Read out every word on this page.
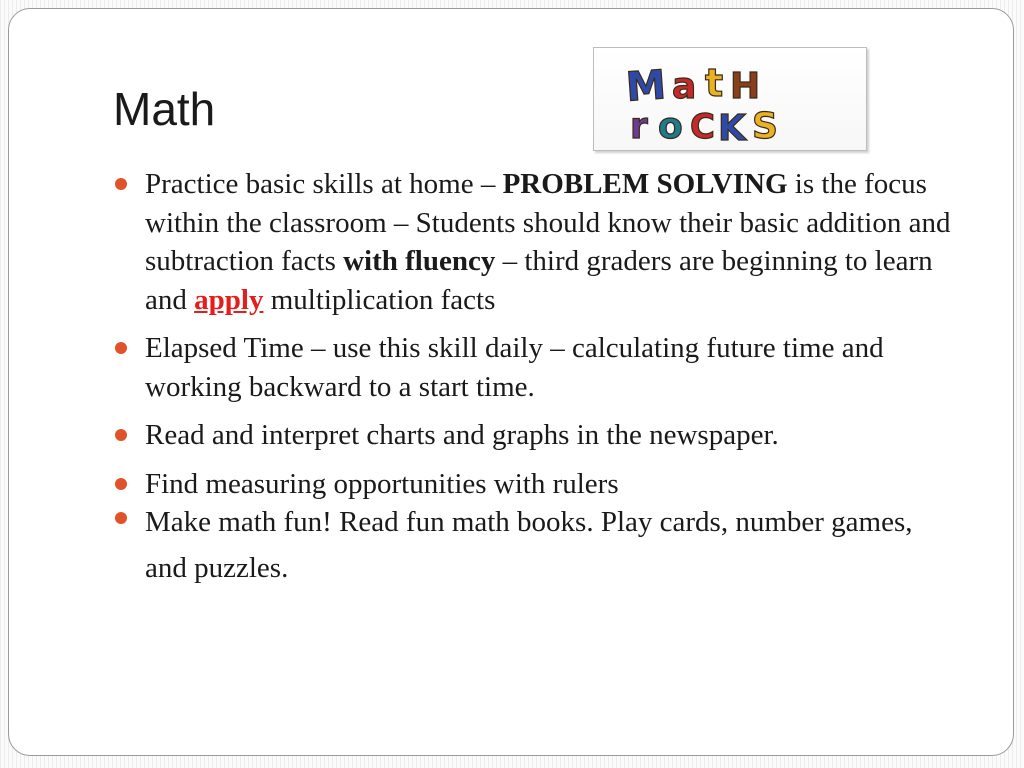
Math	M a t H
r o C K S
Practice basic skills at home – PROBLEM SOLVING is the focus within the classroom – Students should know their basic addition and subtraction facts with fluency – third graders are beginning to learn and apply multiplication facts
Elapsed Time – use this skill daily – calculating future time and working backward to a start time.
Read and interpret charts and graphs in the newspaper.
Find measuring opportunities with rulers
Make math fun! Read fun math books. Play cards, number games, and puzzles.
